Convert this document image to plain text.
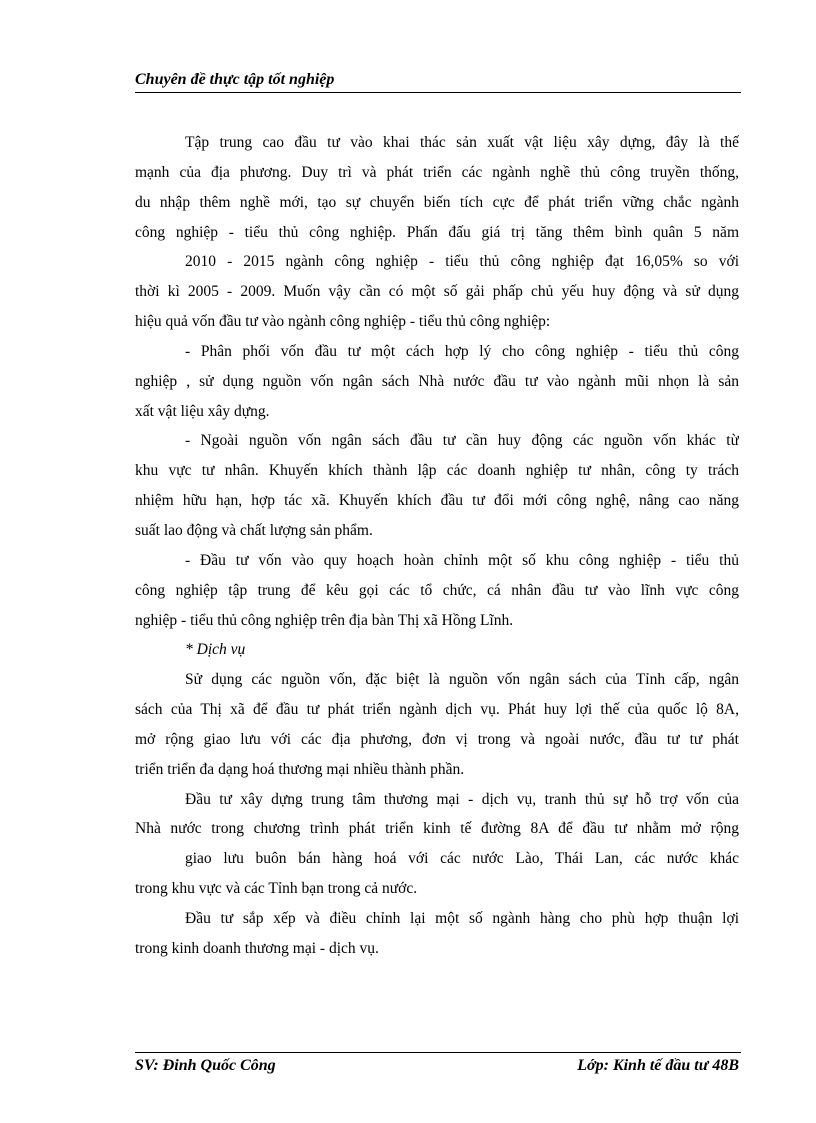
Chuyên đề thực tập tốt nghiệp
Tập trung cao đầu tư vào khai thác sản xuất vật liệu xây dựng, đây là thế
mạnh của địa phương. Duy trì và phát triển các ngành nghề thủ công truyền thống,
du nhập thêm nghề mới, tạo sự chuyển biến tích cực để phát triển vững chắc ngành
công nghiệp - tiểu thủ công nghiệp. Phấn đấu giá trị tăng thêm bình quân 5 năm
2010 - 2015 ngành công nghiệp - tiểu thủ công nghiệp đạt 16,05% so với
thời kì 2005 - 2009. Muốn vậy cần có một số gải phấp chủ yếu huy động và sử dụng
hiệu quả vốn đầu tư vào ngành công nghiệp - tiểu thủ công nghiệp:
- Phân phối vốn đầu tư một cách hợp lý cho công nghiệp - tiểu thủ công
nghiệp , sử dụng nguồn vốn ngân sách Nhà nước đầu tư vào ngành mũi nhọn là sản
xất vật liệu xây dựng.
- Ngoài nguồn vốn ngân sách đầu tư cần huy động các nguồn vốn khác từ
khu vực tư nhân. Khuyến khích thành lập các doanh nghiệp tư nhân, công ty trách
nhiệm hữu hạn, hợp tác xã. Khuyến khích đầu tư đổi mới công nghệ, nâng cao năng
suất lao động và chất lượng sản phẩm.
- Đầu tư vốn vào quy hoạch hoàn chỉnh một số khu công nghiệp - tiểu thủ
công nghiệp tập trung để kêu gọi các tổ chức, cá nhân đầu tư vào lĩnh vực công
nghiệp - tiểu thủ công nghiệp trên địa bàn Thị xã Hồng Lĩnh.
* Dịch vụ
Sử dụng các nguồn vốn, đặc biệt là nguồn vốn ngân sách của Tỉnh cấp, ngân
sách của Thị xã để đầu tư phát triển ngành dịch vụ. Phát huy lợi thế của quốc lộ 8A,
mở rộng giao lưu với các địa phương, đơn vị trong và ngoài nước, đầu tư tư phát
triển triển đa dạng hoá thương mại nhiều thành phần.
Đầu tư xây dựng trung tâm thương mại - dịch vụ, tranh thủ sự hỗ trợ vốn của
Nhà nước trong chương trình phát triển kinh tế đường 8A để đầu tư nhằm mở rộng
giao lưu buôn bán hàng hoá với các nước Lào, Thái Lan, các nước khác
trong khu vực và các Tỉnh bạn trong cả nước.
Đầu tư sắp xếp và điều chỉnh lại một số ngành hàng cho phù hợp thuận lợi
trong kinh doanh thương mại - dịch vụ.
SV: Đinh Quốc Công	Lớp: Kinh tế đầu tư 48B
